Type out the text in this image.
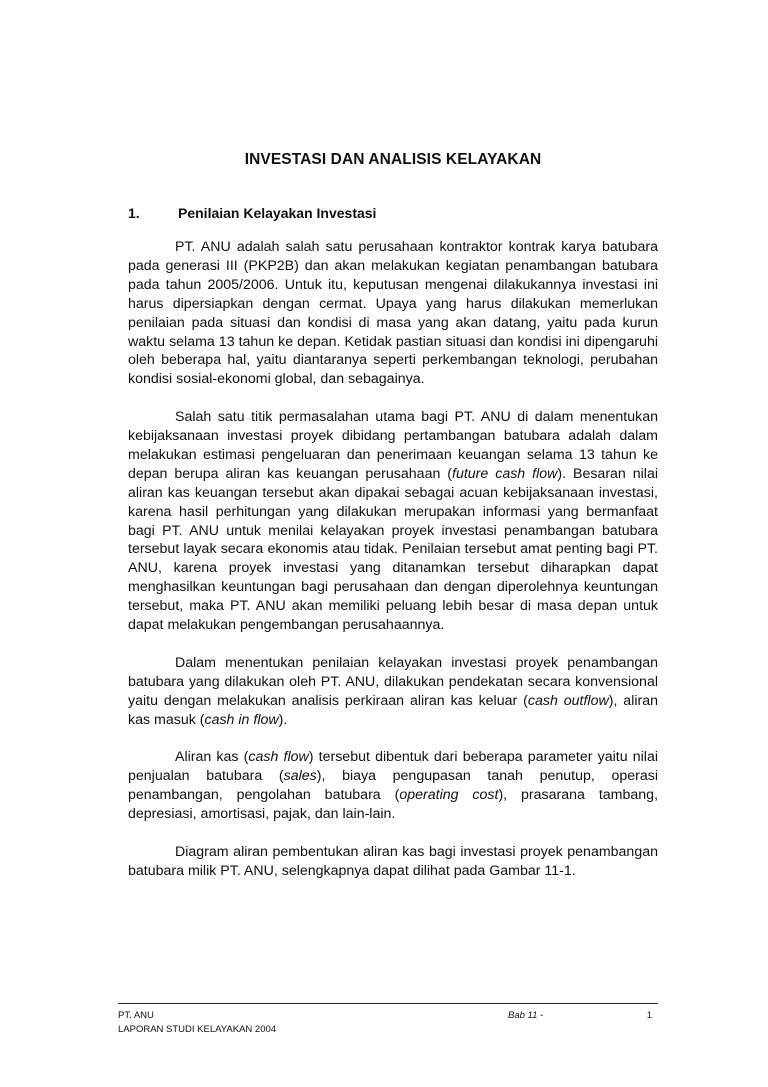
INVESTASI DAN ANALISIS KELAYAKAN
1.	Penilaian Kelayakan Investasi

PT. ANU adalah salah satu perusahaan kontraktor kontrak karya batubara pada generasi III (PKP2B) dan akan melakukan kegiatan penambangan batubara pada tahun 2005/2006. Untuk itu, keputusan mengenai dilakukannya investasi ini harus dipersiapkan dengan cermat. Upaya yang harus dilakukan memerlukan penilaian pada situasi dan kondisi di masa yang akan datang, yaitu pada kurun waktu selama 13 tahun ke depan. Ketidak pastian situasi dan kondisi ini dipengaruhi oleh beberapa hal, yaitu diantaranya seperti perkembangan teknologi, perubahan kondisi sosial-ekonomi global, dan sebagainya.

Salah satu titik permasalahan utama bagi PT. ANU di dalam menentukan kebijaksanaan investasi proyek dibidang pertambangan batubara adalah dalam melakukan estimasi pengeluaran dan penerimaan keuangan selama 13 tahun ke depan berupa aliran kas keuangan perusahaan (future cash flow). Besaran nilai aliran kas keuangan tersebut akan dipakai sebagai acuan kebijaksanaan investasi, karena hasil perhitungan yang dilakukan merupakan informasi yang bermanfaat bagi PT. ANU untuk menilai kelayakan proyek investasi penambangan batubara tersebut layak secara ekonomis atau tidak. Penilaian tersebut amat penting bagi PT. ANU, karena proyek investasi yang ditanamkan tersebut diharapkan dapat menghasilkan keuntungan bagi perusahaan dan dengan diperolehnya keuntungan tersebut, maka PT. ANU akan memiliki peluang lebih besar di masa depan untuk dapat melakukan pengembangan perusahaannya.

Dalam menentukan penilaian kelayakan investasi proyek penambangan batubara yang dilakukan oleh PT. ANU, dilakukan pendekatan secara konvensional yaitu dengan melakukan analisis perkiraan aliran kas keluar (cash outflow), aliran kas masuk (cash in flow).

Aliran kas (cash flow) tersebut dibentuk dari beberapa parameter yaitu nilai penjualan batubara (sales), biaya pengupasan tanah penutup, operasi penambangan, pengolahan batubara (operating cost), prasarana tambang, depresiasi, amortisasi, pajak, dan lain-lain.

Diagram aliran pembentukan aliran kas bagi investasi proyek penambangan batubara milik PT. ANU, selengkapnya dapat dilihat pada Gambar 11-1.

PT. ANU
LAPORAN STUDI KELAYAKAN 2004
Bab 11 -	1
